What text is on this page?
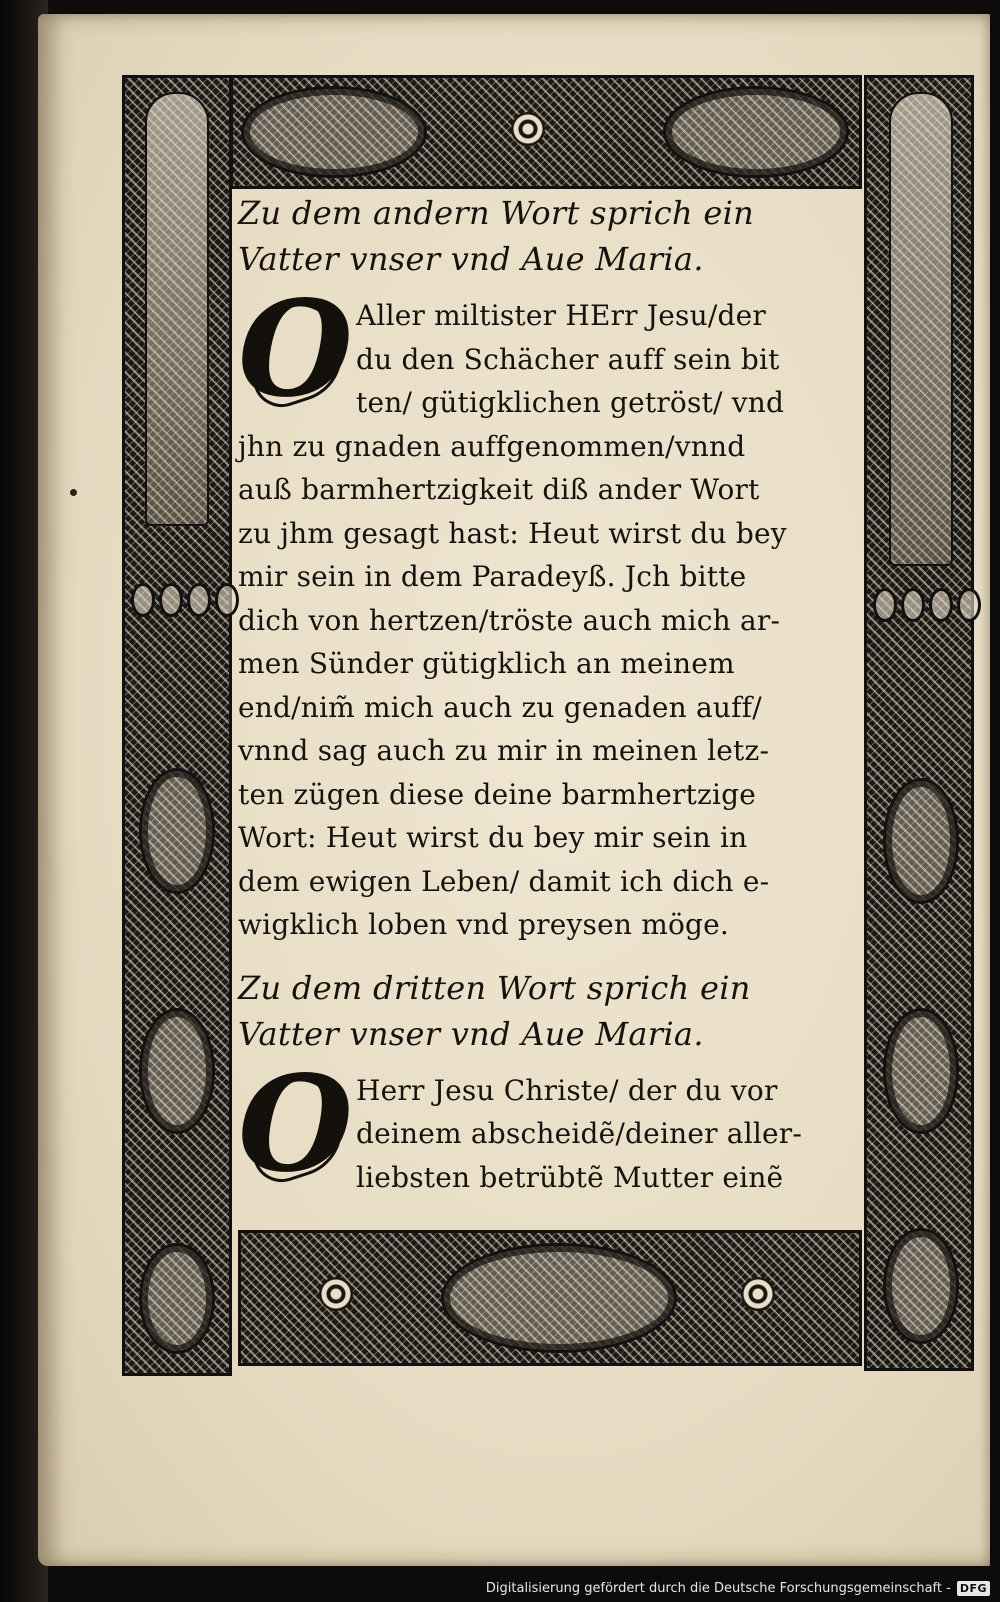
Zu dem andern Wort sprich ein
Vatter vnser vnd Aue Maria.
O Aller miltister HErr Jesu/der
du den Schächer auff sein bit
ten/ gütigklichen getröst/ vnd
jhn zu gnaden auffgenommen/vnnd
auß barmhertzigkeit diß ander Wort
zu jhm gesagt hast: Heut wirst du bey
mir sein in dem Paradeyß. Jch bitte
dich von hertzen/tröste auch mich ar-
men Sünder gütigklich an meinem
end/nim̃ mich auch zu genaden auff/
vnnd sag auch zu mir in meinen letz-
ten zügen diese deine barmhertzige
Wort: Heut wirst du bey mir sein in
dem ewigen Leben/ damit ich dich e-
wigklich loben vnd preysen möge.
Zu dem dritten Wort sprich ein
Vatter vnser vnd Aue Maria.
O Herr Jesu Christe/ der du vor
deinem abscheidẽ/deiner aller-
liebsten betrübtẽ Mutter einẽ
Digitalisierung gefördert durch die Deutsche Forschungsgemeinschaft - DFG
